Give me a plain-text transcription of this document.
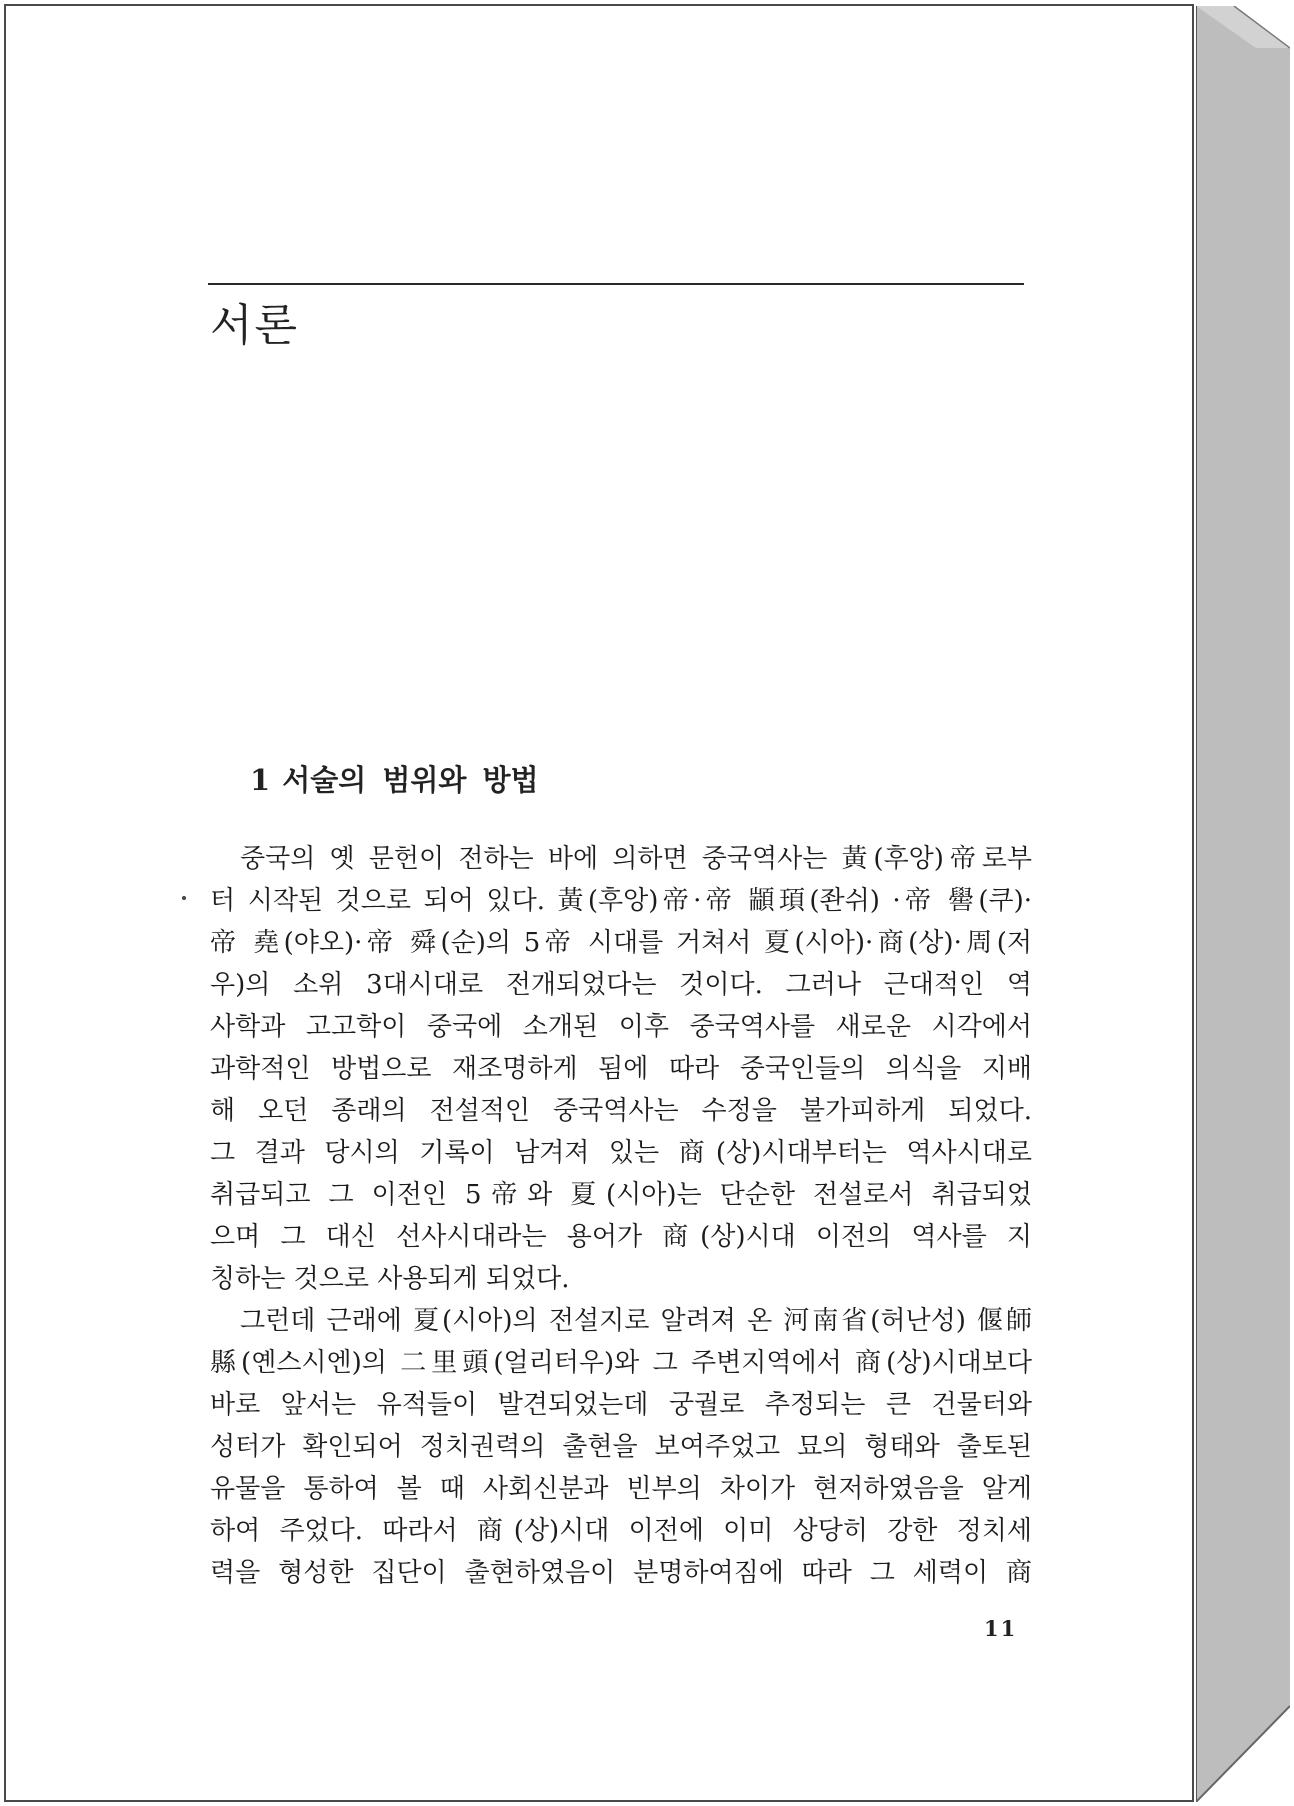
서론
1 서술의 범위와 방법
중국의 옛 문헌이 전하는 바에 의하면 중국역사는 黃(후앙)帝로부
터 시작된 것으로 되어 있다. 黃(후앙)帝·帝 顓頊(좐쉬) ·帝 嚳(쿠)·
帝 堯(야오)·帝 舜(순)의 5帝 시대를 거쳐서 夏(시아)·商(상)·周(저
우)의 소위 3대시대로 전개되었다는 것이다. 그러나 근대적인 역
사학과 고고학이 중국에 소개된 이후 중국역사를 새로운 시각에서
과학적인 방법으로 재조명하게 됨에 따라 중국인들의 의식을 지배
해 오던 종래의 전설적인 중국역사는 수정을 불가피하게 되었다.
그 결과 당시의 기록이 남겨져 있는 商(상)시대부터는 역사시대로
취급되고 그 이전인 5帝와 夏(시아)는 단순한 전설로서 취급되었
으며 그 대신 선사시대라는 용어가 商(상)시대 이전의 역사를 지
칭하는 것으로 사용되게 되었다.
그런데 근래에 夏(시아)의 전설지로 알려져 온 河南省(허난성) 偃師
縣(옌스시엔)의 二里頭(얼리터우)와 그 주변지역에서 商(상)시대보다
바로 앞서는 유적들이 발견되었는데 궁궐로 추정되는 큰 건물터와
성터가 확인되어 정치권력의 출현을 보여주었고 묘의 형태와 출토된
유물을 통하여 볼 때 사회신분과 빈부의 차이가 현저하였음을 알게
하여 주었다. 따라서 商(상)시대 이전에 이미 상당히 강한 정치세
력을 형성한 집단이 출현하였음이 분명하여짐에 따라 그 세력이 商
11
